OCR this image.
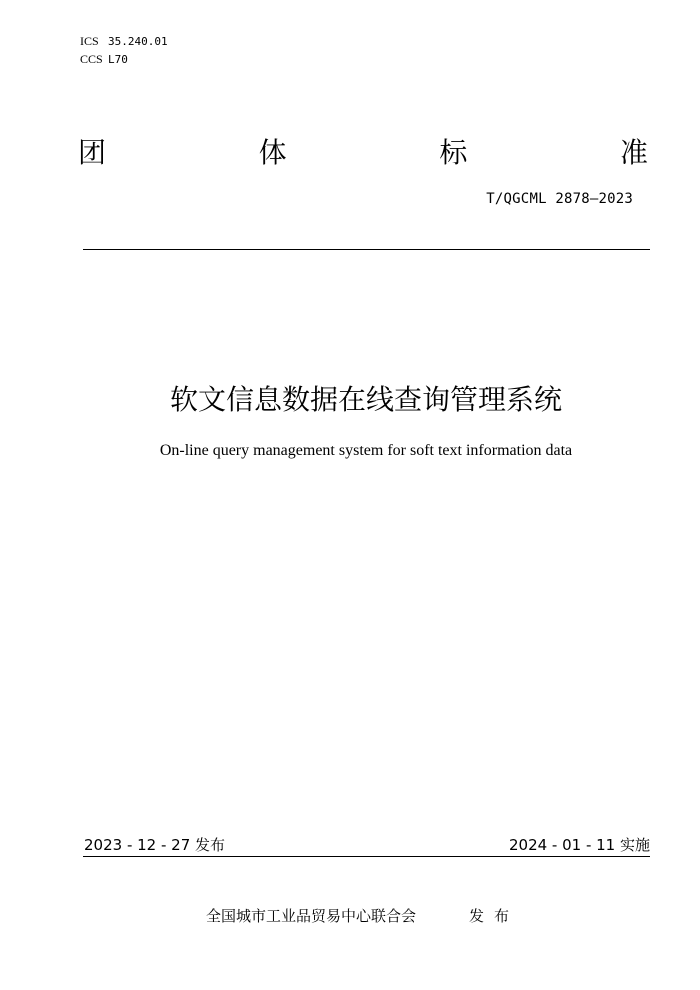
ICS 35.240.01
CCS L70
团	体	标	准
T/QGCML 2878—2023
软文信息数据在线查询管理系统
On-line query management system for soft text information data
2023 - 12 - 27 发布	2024 - 01 - 11 实施
全国城市工业品贸易中心联合会	发布
